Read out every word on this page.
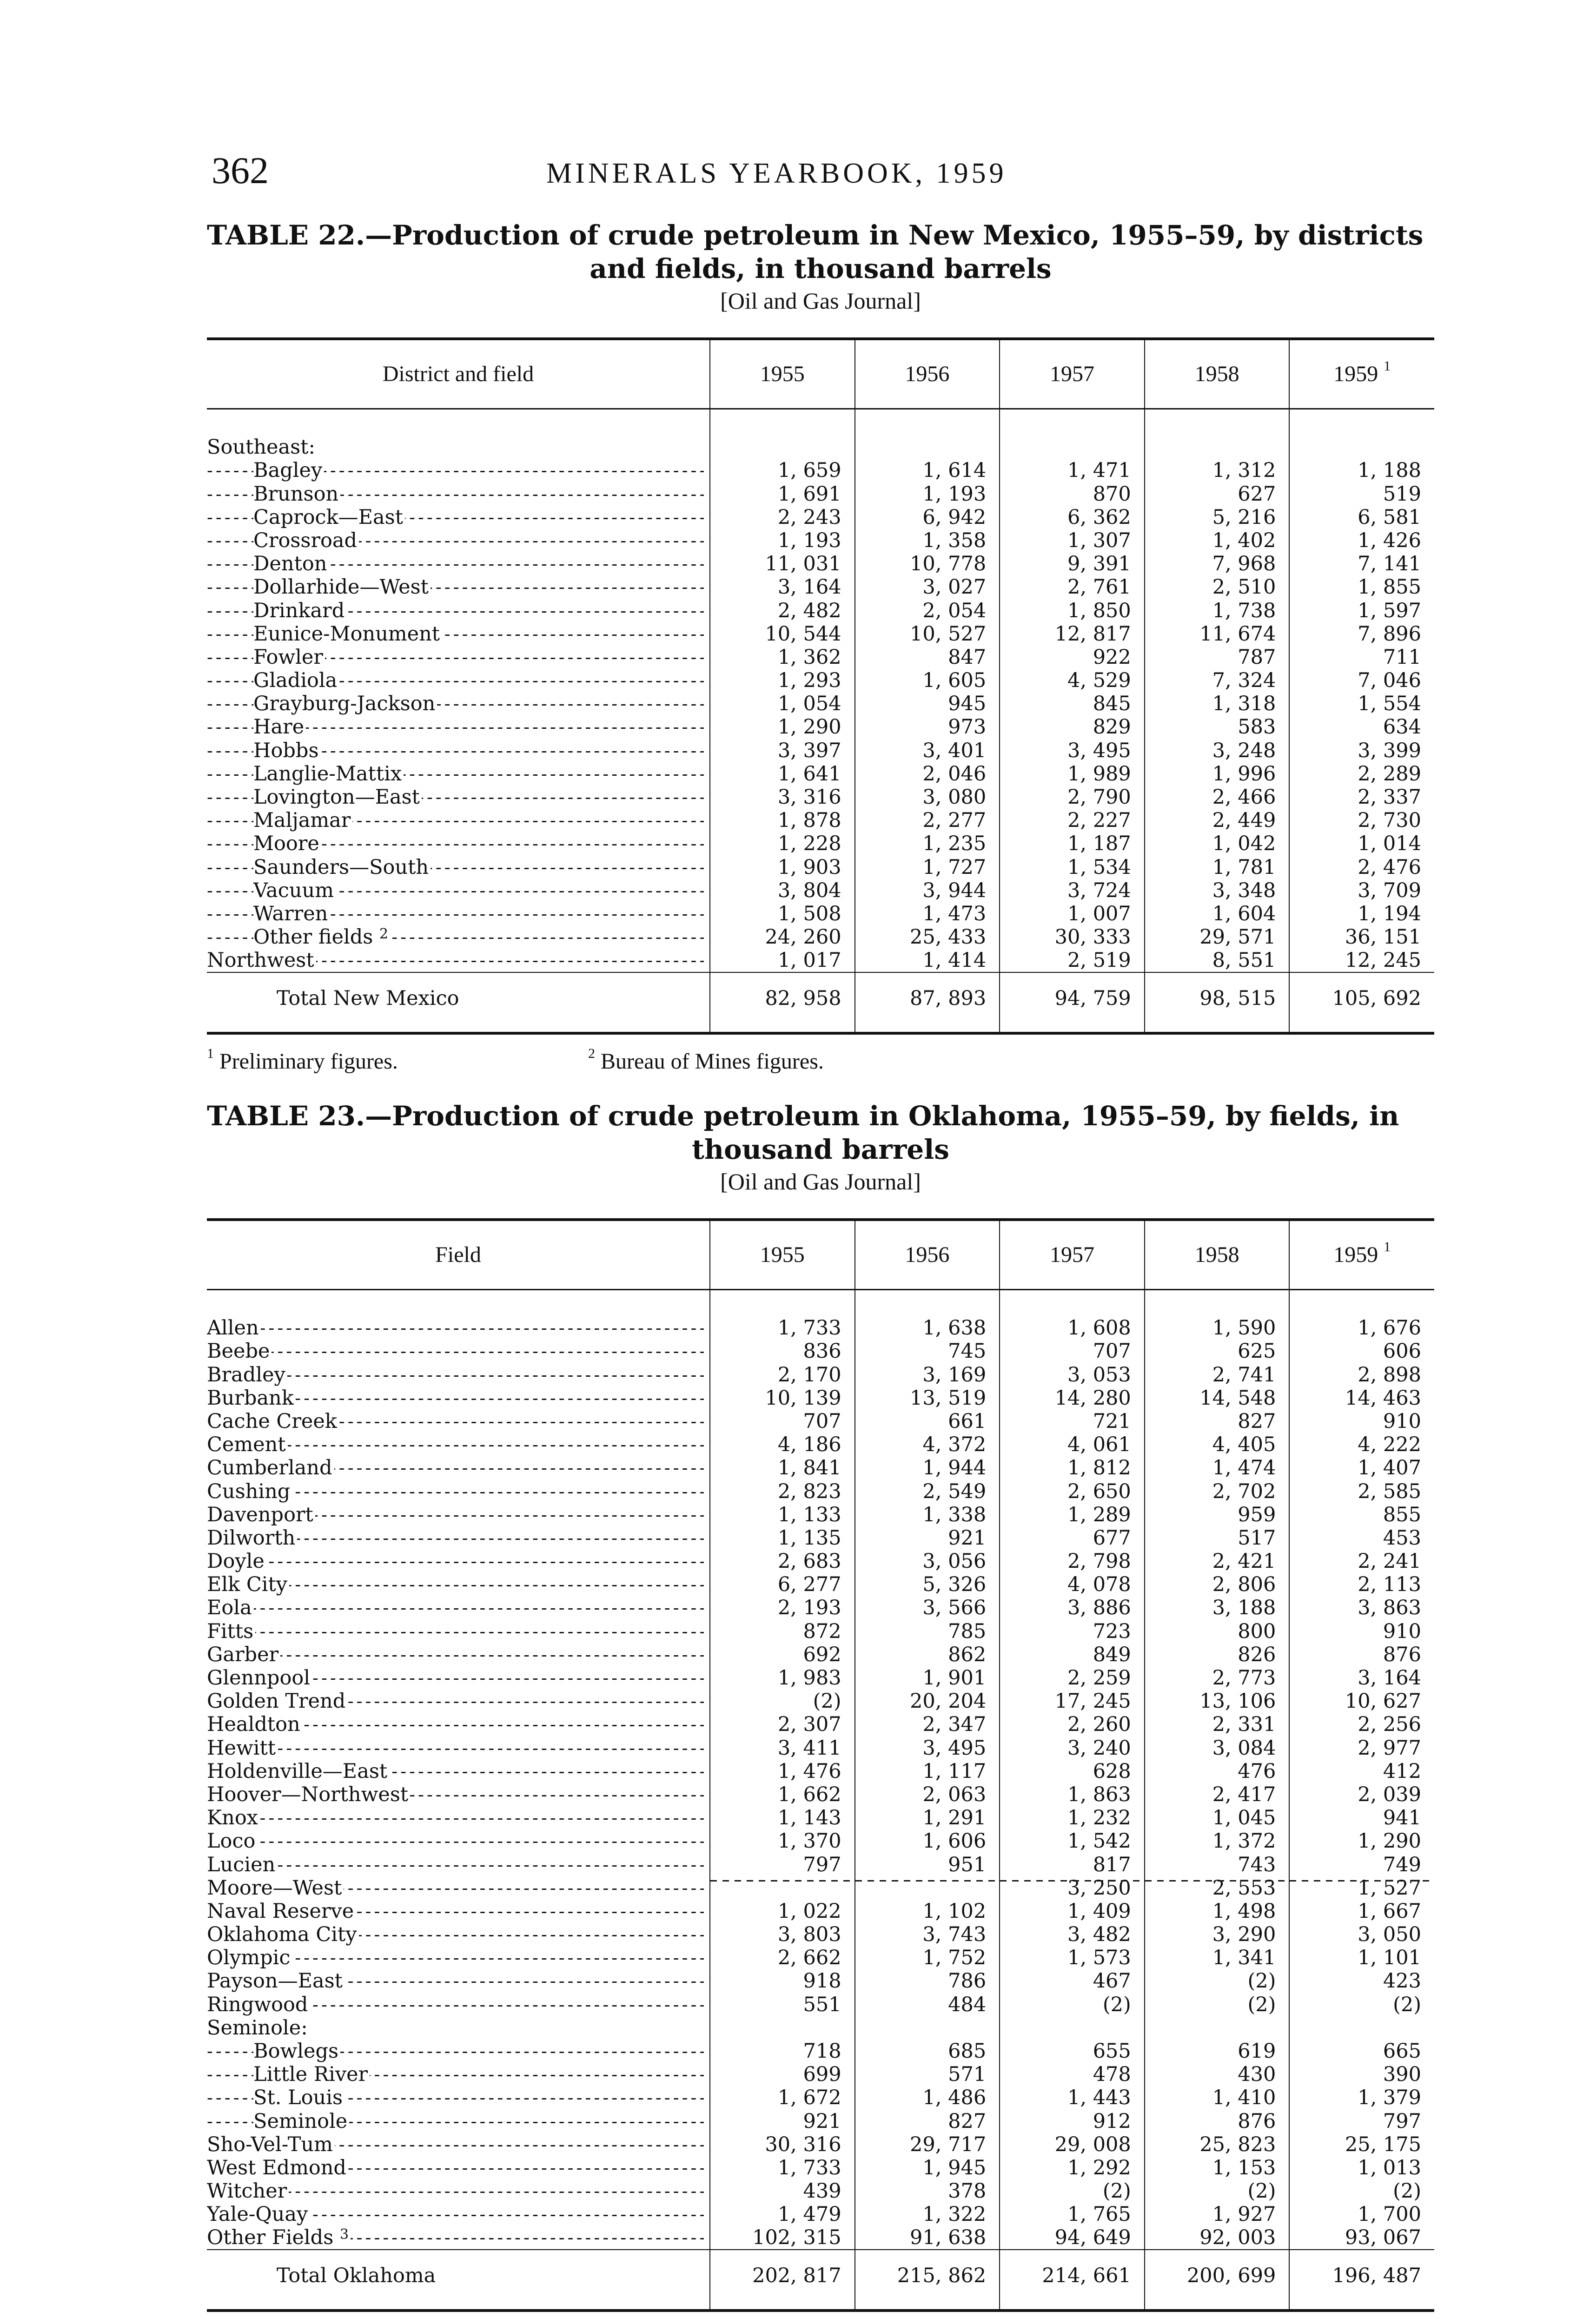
362	MINERALS YEARBOOK, 1959
TABLE 22.—Production of crude petroleum in New Mexico, 1955–59, by districts
and fields, in thousand barrels
[Oil and Gas Journal]
District and field	1955	1956	1957	1958	1959 $^1$

Southeast:					
Bagley - - -	1, 659	1, 614	1, 471	1, 312	1, 188
Brunson - - -	1, 691	1, 193	870	627	519
Caprock—East - - -	2, 243	6, 942	6, 362	5, 216	6, 581
Crossroad - - -	1, 193	1, 358	1, 307	1, 402	1, 426
Denton - - -	11, 031	10, 778	9, 391	7, 968	7, 141
Dollarhide—West - - -	3, 164	3, 027	2, 761	2, 510	1, 855
Drinkard - - -	2, 482	2, 054	1, 850	1, 738	1, 597
Eunice-Monument - - -	10, 544	10, 527	12, 817	11, 674	7, 896
Fowler - - -	1, 362	847	922	787	711
Gladiola - - -	1, 293	1, 605	4, 529	7, 324	7, 046
Grayburg-Jackson - - -	1, 054	945	845	1, 318	1, 554
Hare - - -	1, 290	973	829	583	634
Hobbs - - -	3, 397	3, 401	3, 495	3, 248	3, 399
Langlie-Mattix - - -	1, 641	2, 046	1, 989	1, 996	2, 289
Lovington—East - - -	3, 316	3, 080	2, 790	2, 466	2, 337
Maljamar - - -	1, 878	2, 277	2, 227	2, 449	2, 730
Moore - - -	1, 228	1, 235	1, 187	1, 042	1, 014
Saunders—South - - -	1, 903	1, 727	1, 534	1, 781	2, 476
Vacuum - - -	3, 804	3, 944	3, 724	3, 348	3, 709
Warren - - -	1, 508	1, 473	1, 007	1, 604	1, 194
Other fields $^2$ - - -	24, 260	25, 433	30, 333	29, 571	36, 151
Northwest - - -	1, 017	1, 414	2, 519	8, 551	12, 245
Total New Mexico	82, 958	87, 893	94, 759	98, 515	105, 692

$^1$ Preliminary figures.	$^2$ Bureau of Mines figures.
TABLE 23.—Production of crude petroleum in Oklahoma, 1955–59, by fields, in
thousand barrels
[Oil and Gas Journal]
Field	1955	1956	1957	1958	1959 $^1$

Allen - - -	1, 733	1, 638	1, 608	1, 590	1, 676
Beebe - - -	836	745	707	625	606
Bradley - - -	2, 170	3, 169	3, 053	2, 741	2, 898
Burbank - - -	10, 139	13, 519	14, 280	14, 548	14, 463
Cache Creek - - -	707	661	721	827	910
Cement - - -	4, 186	4, 372	4, 061	4, 405	4, 222
Cumberland - - -	1, 841	1, 944	1, 812	1, 474	1, 407
Cushing - - -	2, 823	2, 549	2, 650	2, 702	2, 585
Davenport - - -	1, 133	1, 338	1, 289	959	855
Dilworth - - -	1, 135	921	677	517	453
Doyle - - -	2, 683	3, 056	2, 798	2, 421	2, 241
Elk City - - -	6, 277	5, 326	4, 078	2, 806	2, 113
Eola - - -	2, 193	3, 566	3, 886	3, 188	3, 863
Fitts - - -	872	785	723	800	910
Garber - - -	692	862	849	826	876
Glennpool - - -	1, 983	1, 901	2, 259	2, 773	3, 164
Golden Trend - - -	(2)	20, 204	17, 245	13, 106	10, 627
Healdton - - -	2, 307	2, 347	2, 260	2, 331	2, 256
Hewitt - - -	3, 411	3, 495	3, 240	3, 084	2, 977
Holdenville—East - - -	1, 476	1, 117	628	476	412
Hoover—Northwest - - -	1, 662	2, 063	1, 863	2, 417	2, 039
Knox - - -	1, 143	1, 291	1, 232	1, 045	941
Loco - - -	1, 370	1, 606	1, 542	1, 372	1, 290
Lucien - - -	797	951	817	743	749
Moore—West - - -			3, 250	2, 553	1, 527
Naval Reserve - - -	1, 022	1, 102	1, 409	1, 498	1, 667
Oklahoma City - - -	3, 803	3, 743	3, 482	3, 290	3, 050
Olympic - - -	2, 662	1, 752	1, 573	1, 341	1, 101
Payson—East - - -	918	786	467	(2)	423
Ringwood - - -	551	484	(2)	(2)	(2)
Seminole:					
Bowlegs - - -	718	685	655	619	665
Little River - - -	699	571	478	430	390
St. Louis - - -	1, 672	1, 486	1, 443	1, 410	1, 379
Seminole - - -	921	827	912	876	797
Sho-Vel-Tum - - -	30, 316	29, 717	29, 008	25, 823	25, 175
West Edmond - - -	1, 733	1, 945	1, 292	1, 153	1, 013
Witcher - - -	439	378	(2)	(2)	(2)
Yale-Quay - - -	1, 479	1, 322	1, 765	1, 927	1, 700
Other Fields $^3$ - - -	102, 315	91, 638	94, 649	92, 003	93, 067
Total Oklahoma	202, 817	215, 862	214, 661	200, 699	196, 487
